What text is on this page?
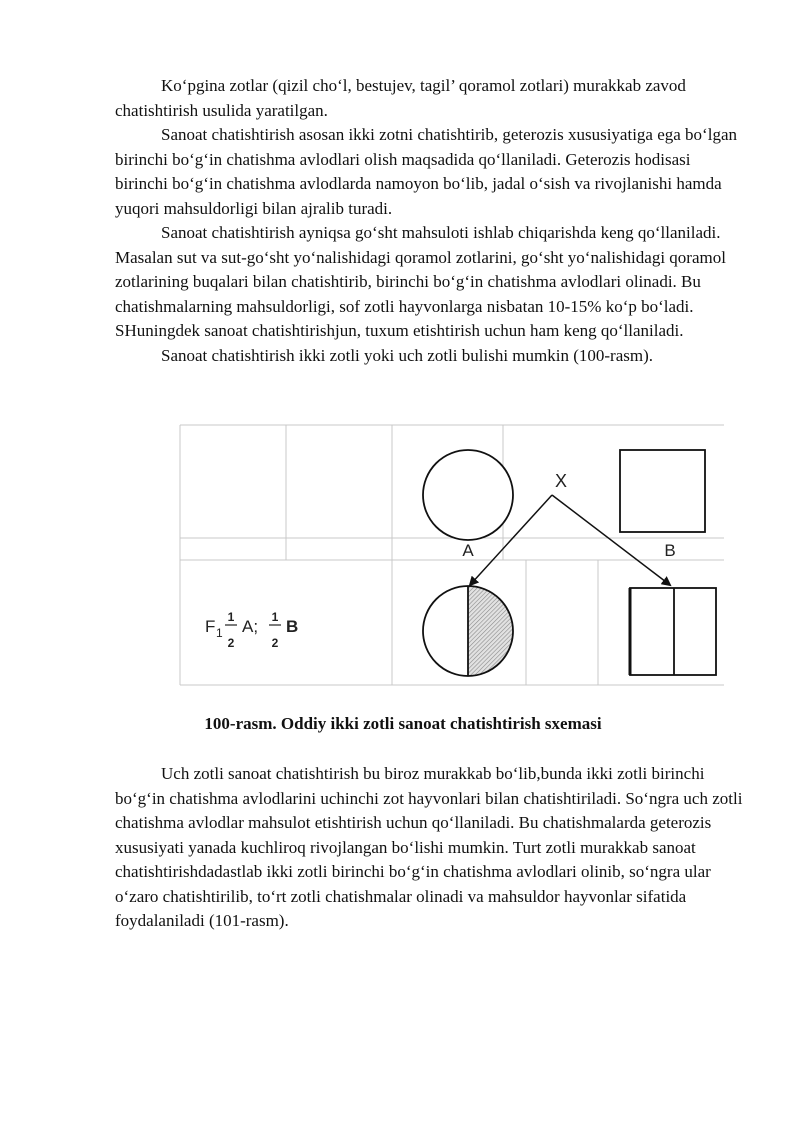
Ko‘pgina zotlar (qizil cho‘l, bestujev, tagil’ qoramol zotlari) murakkab zavod chatishtirish usulida yaratilgan.

Sanoat chatishtirish asosan ikki zotni chatishtirib, geterozis xususiyatiga ega bo‘lgan birinchi bo‘g‘in chatishma avlodlari olish maqsadida qo‘llaniladi. Geterozis hodisasi birinchi bo‘g‘in chatishma avlodlarda namoyon bo‘lib, jadal o‘sish va rivojlanishi hamda yuqori mahsuldorligi bilan ajralib turadi.

Sanoat chatishtirish ayniqsa go‘sht mahsuloti ishlab chiqarishda keng qo‘llaniladi. Masalan sut va sut-go‘sht yo‘nalishidagi qoramol zotlarini, go‘sht yo‘nalishidagi qoramol zotlarining buqalari bilan chatishtirib, birinchi bo‘g‘in chatishma avlodlari olinadi. Bu chatishmalarning mahsuldorligi, sof zotli hayvonlarga nisbatan 10-15% ko‘p bo‘ladi. SHuningdek sanoat chatishtirishjun, tuxum etishtirish uchun ham keng qo‘llaniladi.

Sanoat chatishtirish ikki zotli yoki uch zotli bulishi mumkin (100-rasm).

X
A	B
F 1
1
2
A; 1
2
B
100-rasm. Oddiy ikki zotli sanoat chatishtirish sxemasi

Uch zotli sanoat chatishtirish bu biroz murakkab bo‘lib,bunda ikki zotli birinchi bo‘g‘in chatishma avlodlarini uchinchi zot hayvonlari bilan chatishtiriladi. So‘ngra uch zotli chatishma avlodlar mahsulot etishtirish uchun qo‘llaniladi. Bu chatishmalarda geterozis xususiyati yanada kuchliroq rivojlangan bo‘lishi mumkin. Turt zotli murakkab sanoat chatishtirishdadastlab ikki zotli birinchi bo‘g‘in chatishma avlodlari olinib, so‘ngra ular o‘zaro chatishtirilib, to‘rt zotli chatishmalar olinadi va mahsuldor hayvonlar sifatida foydalaniladi (101-rasm).
